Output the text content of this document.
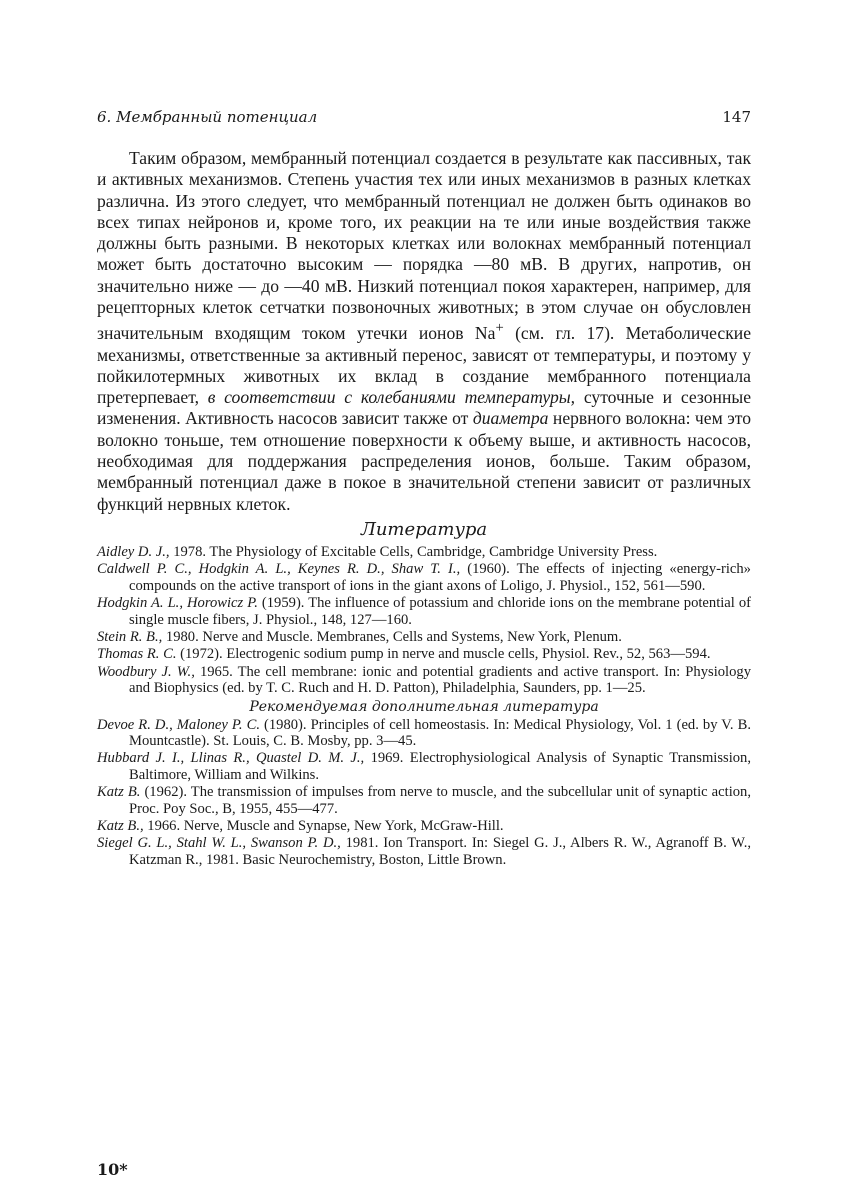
6. Мембранный потенциал	147

Таким образом, мембранный потенциал создается в результате как пассивных, так и активных механизмов. Степень участия тех или иных механизмов в разных клетках различна. Из этого следует, что мембранный потенциал не должен быть одинаков во всех типах нейронов и, кроме того, их реакции на те или иные воздействия также должны быть разными. В некоторых клетках или волокнах мембранный потенциал может быть достаточно высоким — порядка —80 мВ. В других, напротив, он значительно ниже — до —40 мВ. Низкий потенциал покоя характерен, например, для рецепторных клеток сетчатки позвоночных животных; в этом случае он обусловлен значительным входящим током утечки ионов Na+ (см. гл. 17). Метаболические механизмы, ответственные за активный перенос, зависят от температуры, и поэтому у пойкилотермных животных их вклад в создание мембранного потенциала претерпевает, в соответствии с колебаниями температуры, суточные и сезонные изменения. Активность насосов зависит также от диаметра нервного волокна: чем это волокно тоньше, тем отношение поверхности к объему выше, и активность насосов, необходимая для поддержания распределения ионов, больше. Таким образом, мембранный потенциал даже в покое в значительной степени зависит от различных функций нервных клеток.

Литература
Aidley D. J., 1978. The Physiology of Excitable Cells, Cambridge, Cambridge University Press.
Caldwell P. C., Hodgkin A. L., Keynes R. D., Shaw T. I., (1960). The effects of injecting «energy-rich» compounds on the active transport of ions in the giant axons of Loligo, J. Physiol., 152, 561—590.
Hodgkin A. L., Horowicz P. (1959). The influence of potassium and chloride ions on the membrane potential of single muscle fibers, J. Physiol., 148, 127—160.
Stein R. B., 1980. Nerve and Muscle. Membranes, Cells and Systems, New York, Plenum.
Thomas R. C. (1972). Electrogenic sodium pump in nerve and muscle cells, Physiol. Rev., 52, 563—594.
Woodbury J. W., 1965. The cell membrane: ionic and potential gradients and active transport. In: Physiology and Biophysics (ed. by T. C. Ruch and H. D. Patton), Philadelphia, Saunders, pp. 1—25.
Рекомендуемая дополнительная литература
Devoe R. D., Maloney P. C. (1980). Principles of cell homeostasis. In: Medical Physiology, Vol. 1 (ed. by V. B. Mountcastle). St. Louis, C. B. Mosby, pp. 3—45.
Hubbard J. I., Llinas R., Quastel D. M. J., 1969. Electrophysiological Analysis of Synaptic Transmission, Baltimore, William and Wilkins.
Katz B. (1962). The transmission of impulses from nerve to muscle, and the subcellular unit of synaptic action, Proc. Poy Soc., B, 1955, 455—477.
Katz B., 1966. Nerve, Muscle and Synapse, New York, McGraw-Hill.
Siegel G. L., Stahl W. L., Swanson P. D., 1981. Ion Transport. In: Siegel G. J., Albers R. W., Agranoff B. W., Katzman R., 1981. Basic Neurochemistry, Boston, Little Brown.
10*
